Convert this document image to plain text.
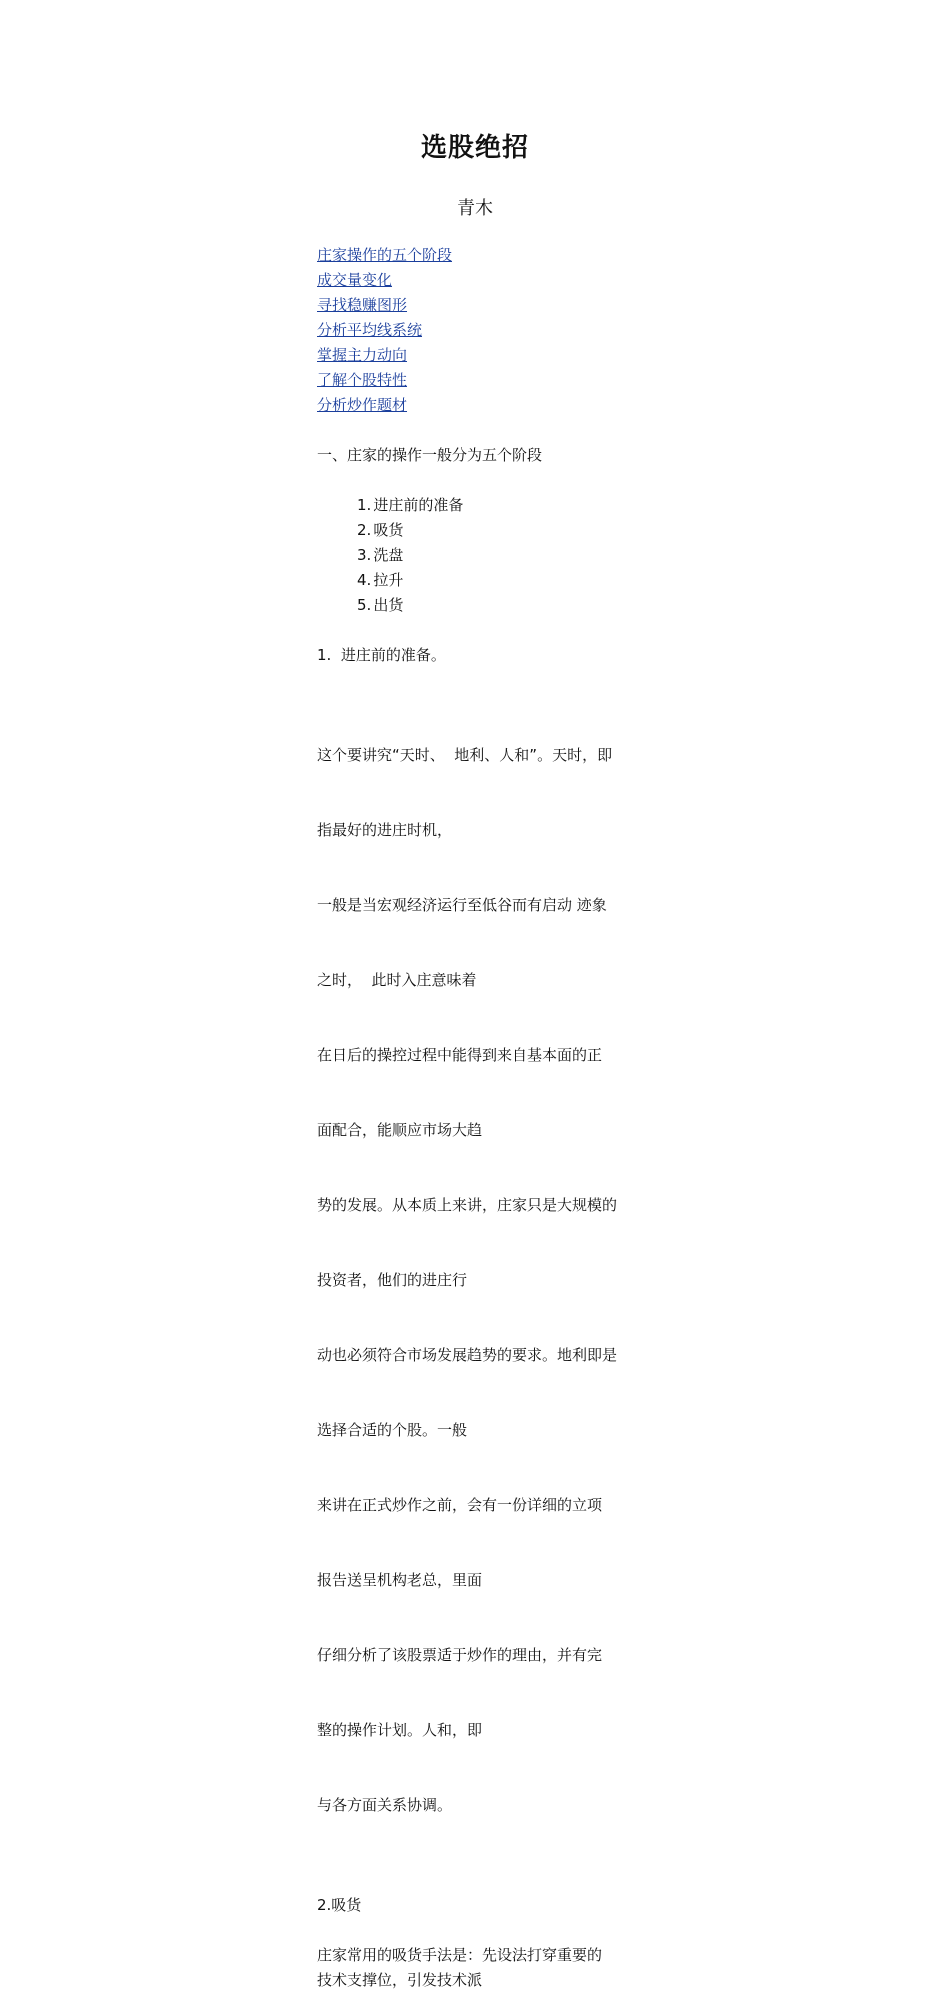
选股绝招
青木
庄家操作的五个阶段
成交量变化
寻找稳赚图形
分析平均线系统
掌握主力动向
了解个股特性
分析炒作题材

一、庄家的操作一般分为五个阶段

1. 进庄前的准备
2. 吸货
3. 洗盘
4. 拉升
5. 出货

1.  进庄前的准备。

这个要讲究“天时、  地利、人和”。天时，即

指最好的进庄时机，

一般是当宏观经济运行至低谷而有启动 迹象

之时，  此时入庄意味着

在日后的操控过程中能得到来自基本面的正

面配合，能顺应市场大趋

势的发展。从本质上来讲，庄家只是大规模的

投资者，他们的进庄行

动也必须符合市场发展趋势的要求。地利即是

选择合适的个股。一般

来讲在正式炒作之前，会有一份详细的立项

报告送呈机构老总，里面

仔细分析了该股票适于炒作的理由，并有完

整的操作计划。人和，即

与各方面关系协调。

2.吸货

庄家常用的吸货手法是：先设法打穿重要的
技术支撑位，引发技术派
